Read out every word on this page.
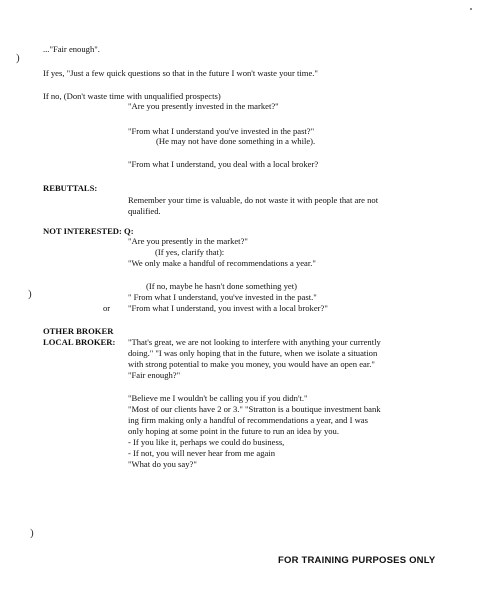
)
)
)
..."Fair enough".
If yes, "Just a few quick questions so that in the future I won't waste your time."
If no, (Don't waste time with unqualified prospects)
"Are you presently invested in the market?"
"From what I understand you've invested in the past?"
(He may not have done something in a while).
"From what I understand, you deal with a local broker?
REBUTTALS:
Remember your time is valuable, do not waste it with people that are not
qualified.
NOT INTERESTED: Q:
"Are you presently in the market?"
(If yes, clarify that):
"We only make a handful of recommendations a year."
(If no, maybe he hasn't done something yet)
" From what I understand, you've invested in the past."
or "From what I understand, you invest with a local broker?"
OTHER BROKER
LOCAL BROKER: "That's great, we are not looking to interfere with anything your currently
doing." "I was only hoping that in the future, when we isolate a situation
with strong potential to make you money, you would have an open ear."
"Fair enough?"
"Believe me I wouldn't be calling you if you didn't."
"Most of our clients have 2 or 3." "Stratton is a boutique investment bank
ing firm making only a handful of recommendations a year, and I was
only hoping at some point in the future to run an idea by you.
- If you like it, perhaps we could do business,
- If not, you will never hear from me again
"What do you say?"
FOR TRAINING PURPOSES ONLY
